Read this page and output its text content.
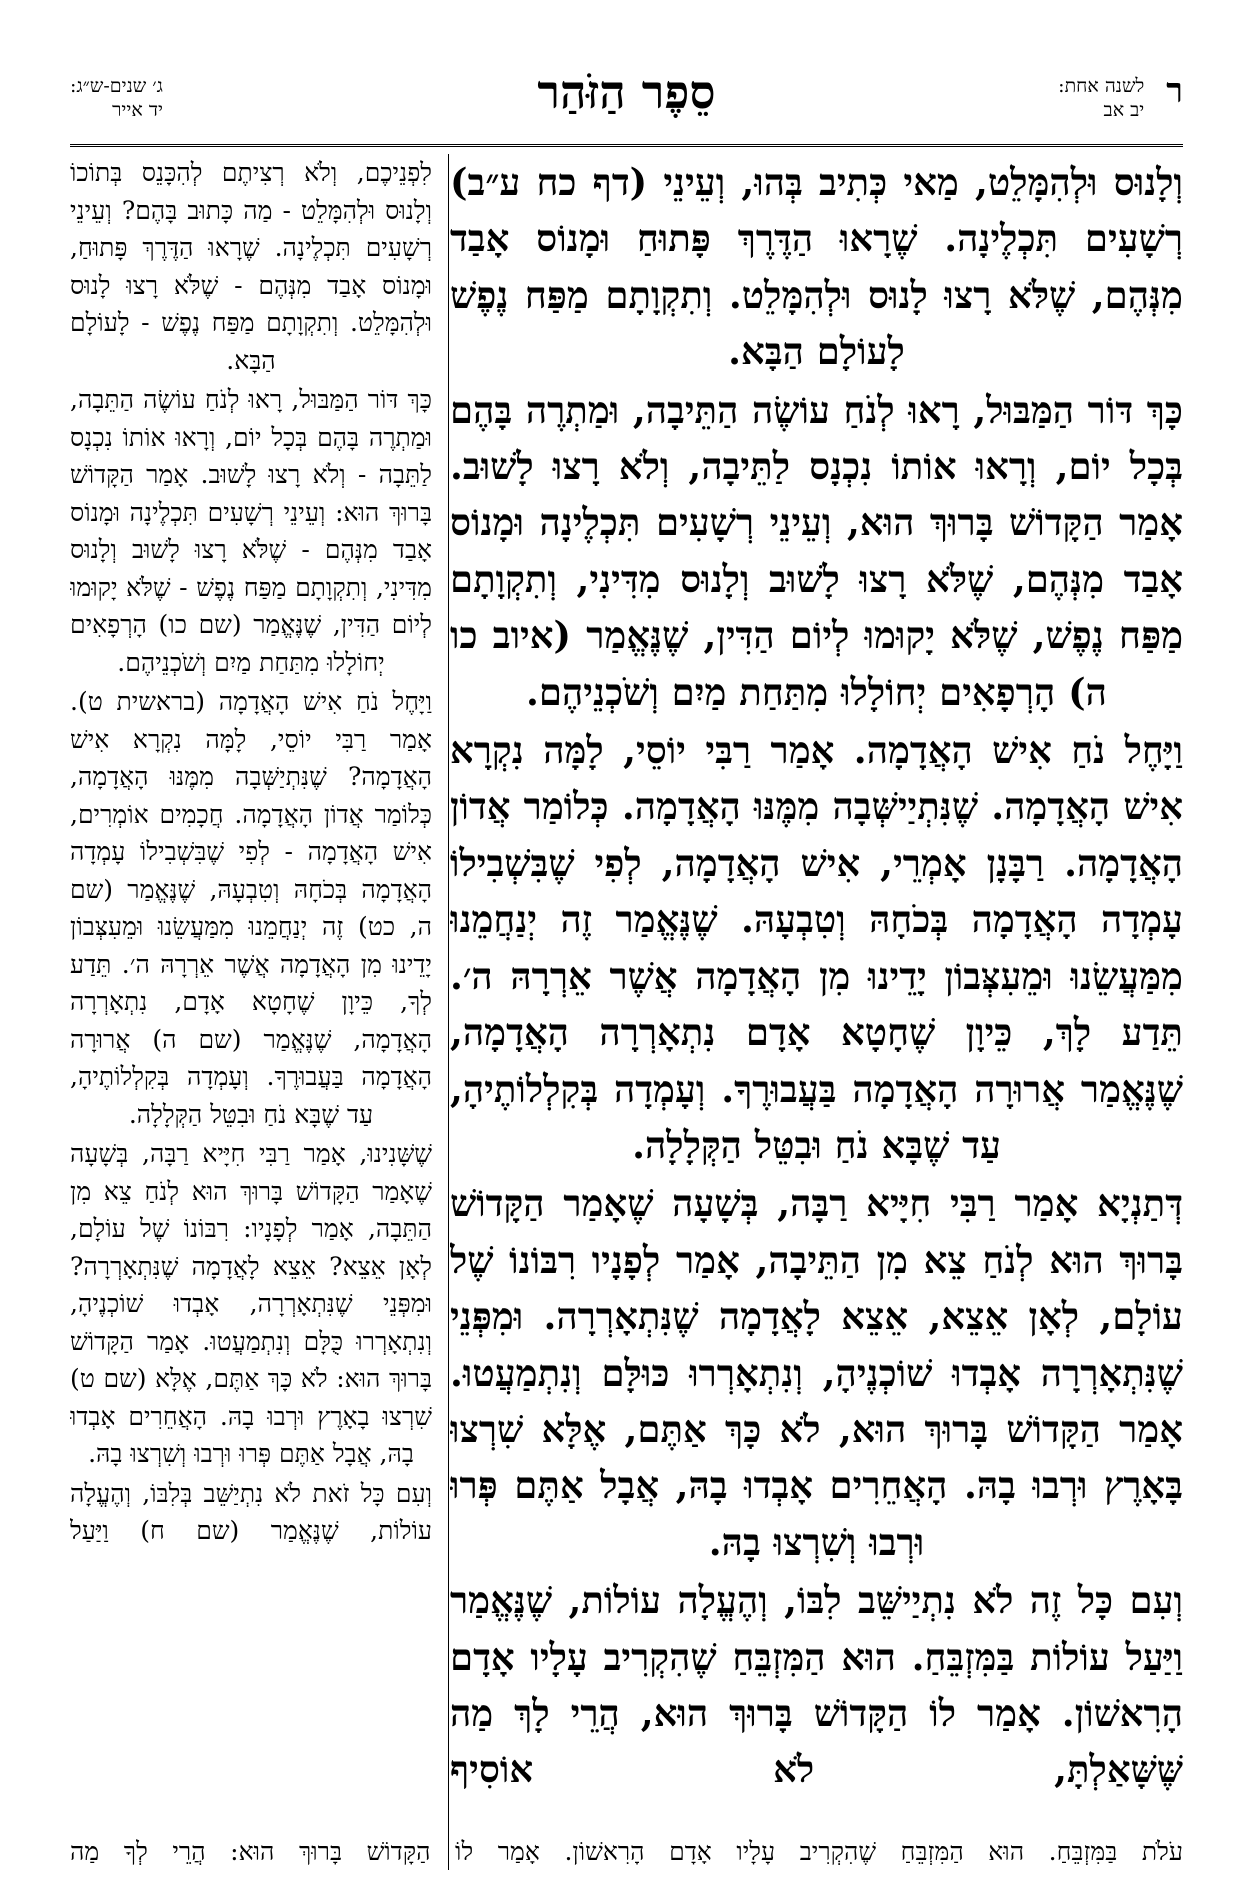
ר
לשנה אחת:
יב אב
סֵפֶר הַזֹּהַר
ג׳ שנים-ש״ג:
יד אייר

וְלָנוּס וּלְהִמָּלֵט, מַאי כְּתִיב בְּהוּ, וְעֵינֵי (דף כח ע״ב) רְשָׁעִים תִּכְלֶינָה. שֶׁרָאוּ הַדֶּרֶךְ פָּתוּחַ וּמָנוֹס אָבַד מִנְּהֶם, שֶׁלֹּא רָצוּ לָנוּס וּלְהִמָּלֵט. וְתִקְוָתָם מַפַּח נֶפֶשׁ לָעוֹלָם הַבָּא.

כָּךְ דּוֹר הַמַּבּוּל, רָאוּ לְנֹחַ עוֹשֶׂה הַתֵּיבָה, וּמַתְרֶה בָּהֶם בְּכָל יוֹם, וְרָאוּ אוֹתוֹ נִכְנָס לַתֵּיבָה, וְלֹא רָצוּ לָשׁוּב. אָמַר הַקָּדוֹשׁ בָּרוּךְ הוּא, וְעֵינֵי רְשָׁעִים תִּכְלֶינָה וּמָנוֹס אָבַד מִנְּהֶם, שֶׁלֹּא רָצוּ לָשׁוּב וְלָנוּס מִדִּינִי, וְתִקְוָתָם מַפַּח נֶפֶשׁ, שֶׁלֹּא יָקוּמוּ לְיוֹם הַדִּין, שֶׁנֶּאֱמַר (איוב כו ה) הָרְפָאִים יְחוֹלָלוּ מִתַּחַת מַיִם וְשֹׁכְנֵיהֶם.

וַיָּחֶל נֹחַ אִישׁ הָאֲדָמָה. אָמַר רַבִּי יוֹסֵי, לָמָּה נִקְרָא אִישׁ הָאֲדָמָה. שֶׁנִּתְיַישְּׁבָה מִמֶּנּוּ הָאֲדָמָה. כְּלוֹמַר אֲדוֹן הָאֲדָמָה. רַבָּנָן אָמְרֵי, אִישׁ הָאֲדָמָה, לְפִי שֶׁבִּשְׁבִילוֹ עָמְדָה הָאֲדָמָה בְּכֹחָהּ וְטִבְעָהּ. שֶׁנֶּאֱמַר זֶה יְנַחֲמֵנוּ מִמַּעֲשֵׂנוּ וּמֵעִצְּבוֹן יָדֵינוּ מִן הָאֲדָמָה אֲשֶׁר אֵרְרָהּ ה׳. תֵּדַע לָךְ, כֵּיוָן שֶׁחָטָא אָדָם נִתְאָרְרָה הָאֲדָמָה, שֶׁנֶּאֱמַר אֲרוּרָה הָאֲדָמָה בַּעֲבוּרֶךָ. וְעָמְדָה בְּקִלְלוֹתֶיהָ, עַד שֶׁבָּא נֹחַ וּבִטֵּל הַקְּלָלָה.

דְּתַנְיָא אָמַר רַבִּי חִיָּיא רַבָּה, בְּשָׁעָה שֶׁאָמַר הַקָּדוֹשׁ בָּרוּךְ הוּא לְנֹחַ צֵא מִן הַתֵּיבָה, אָמַר לְפָנָיו רִבּוֹנוֹ שֶׁל עוֹלָם, לְאָן אֵצֵא, אֵצֵא לָאֲדָמָה שֶׁנִּתְאָרְרָה. וּמִפְּנֵי שֶׁנִּתְאָרְרָה אָבְדוּ שׁוֹכְנֶיהָ, וְנִתְאָרְרוּ כּוּלָּם וְנִתְמַעֲטוּ. אָמַר הַקָּדוֹשׁ בָּרוּךְ הוּא, לֹא כָּךְ אַתֶּם, אֶלָּא שִׁרְצוּ בָּאָרֶץ וּרְבוּ בָהּ. הָאֲחֵרִים אָבְדוּ בָהּ, אֲבָל אַתֶּם פְּרוּ וּרְבוּ וְשִׁרְצוּ בָהּ.

וְעִם כָּל זֶה לֹא נִתְיַישֵּׁב לִבּוֹ, וְהֶעֱלָה עוֹלוֹת, שֶׁנֶּאֱמַר וַיַּעַל עוֹלוֹת בַּמִּזְבֵּחַ. הוּא הַמִּזְבֵּחַ שֶׁהִקְרִיב עָלָיו אָדָם הָרִאשׁוֹן. אָמַר לוֹ הַקָּדוֹשׁ בָּרוּךְ הוּא, הֲרֵי לָךְ מַה שֶּׁשָּׁאַלְתָּ, לֹא אוֹסִיף

לִפְנֵיכֶם, וְלֹא רְצִיתֶם לְהִכָּנֵס בְּתוֹכוֹ וְלָנוּס וּלְהִמָּלֵט - מַה כָּתוּב בָּהֶם? וְעֵינֵי רְשָׁעִים תִּכְלֶינָה. שֶׁרָאוּ הַדֶּרֶךְ פָּתוּחַ, וּמָנוֹס אָבַד מִנְּהֶם - שֶׁלֹּא רָצוּ לָנוּס וּלְהִמָּלֵט. וְתִקְוָתָם מַפַּח נֶפֶשׁ - לָעוֹלָם הַבָּא.

כָּךְ דּוֹר הַמַּבּוּל, רָאוּ לְנֹחַ עוֹשֶׂה הַתֵּבָה, וּמַתְרֶה בָּהֶם בְּכָל יוֹם, וְרָאוּ אוֹתוֹ נִכְנָס לַתֵּבָה - וְלֹא רָצוּ לָשׁוּב. אָמַר הַקָּדוֹשׁ בָּרוּךְ הוּא: וְעֵינֵי רְשָׁעִים תִּכְלֶינָה וּמָנוֹס אָבַד מִנְּהֶם - שֶׁלֹּא רָצוּ לָשׁוּב וְלָנוּס מִדִּינִי, וְתִקְוָתָם מַפַּח נֶפֶשׁ - שֶׁלֹּא יָקוּמוּ לְיוֹם הַדִּין, שֶׁנֶּאֱמַר (שם כו) הָרְפָאִים יְחוֹלָלוּ מִתַּחַת מַיִם וְשֹׁכְנֵיהֶם.

וַיָּחֶל נֹחַ אִישׁ הָאֲדָמָה (בראשית ט). אָמַר רַבִּי יוֹסֵי, לָמָּה נִקְרָא אִישׁ הָאֲדָמָה? שֶׁנִּתְיַשְּׁבָה מִמֶּנּוּ הָאֲדָמָה, כְּלוֹמַר אֲדוֹן הָאֲדָמָה. חֲכָמִים אוֹמְרִים, אִישׁ הָאֲדָמָה - לְפִי שֶׁבִּשְׁבִילוֹ עָמְדָה הָאֲדָמָה בְּכֹחָהּ וְטִבְעָהּ, שֶׁנֶּאֱמַר (שם ה, כט) זֶה יְנַחֲמֵנוּ מִמַּעֲשֵׂנוּ וּמֵעִצְּבוֹן יָדֵינוּ מִן הָאֲדָמָה אֲשֶׁר אֵרְרָהּ ה׳. תֵּדַע לְךָ, כֵּיוָן שֶׁחָטָא אָדָם, נִתְאָרְרָה הָאֲדָמָה, שֶׁנֶּאֱמַר (שם ה) אֲרוּרָה הָאֲדָמָה בַּעֲבוּרֶךָ. וְעָמְדָה בְּקִלְלוֹתֶיהָ, עַד שֶׁבָּא נֹחַ וּבִטֵּל הַקְּלָלָה.

שֶׁשָּׁנִינוּ, אָמַר רַבִּי חִיָּיא רַבָּה, בְּשָׁעָה שֶׁאָמַר הַקָּדוֹשׁ בָּרוּךְ הוּא לְנֹחַ צֵא מִן הַתֵּבָה, אָמַר לְפָנָיו: רִבּוֹנוֹ שֶׁל עוֹלָם, לְאָן אֵצֵא? אֵצֵא לָאֲדָמָה שֶׁנִּתְאָרְרָה? וּמִפְּנֵי שֶׁנִּתְאָרְרָה, אָבְדוּ שׁוֹכְנֶיהָ, וְנִתְאָרְרוּ כֻּלָּם וְנִתְמַעֲטוּ. אָמַר הַקָּדוֹשׁ בָּרוּךְ הוּא: לֹא כָּךְ אַתֶּם, אֶלָּא (שם ט) שִׁרְצוּ בָאָרֶץ וּרְבוּ בָהּ. הָאֲחֵרִים אָבְדוּ בָהּ, אֲבָל אַתֶּם פְּרוּ וּרְבוּ וְשִׁרְצוּ בָהּ.

וְעִם כָּל זֹאת לֹא נִתְיַשֵּׁב בְּלִבּוֹ, וְהֶעֱלָה עוֹלוֹת, שֶׁנֶּאֱמַר (שם ח) וַיַּעַל

עֹלֹת בַּמִּזְבֵּחַ. הוּא הַמִּזְבֵּחַ שֶׁהִקְרִיב עָלָיו אָדָם הָרִאשׁוֹן. אָמַר לוֹ הַקָּדוֹשׁ בָּרוּךְ הוּא: הֲרֵי לְךָ מַה
